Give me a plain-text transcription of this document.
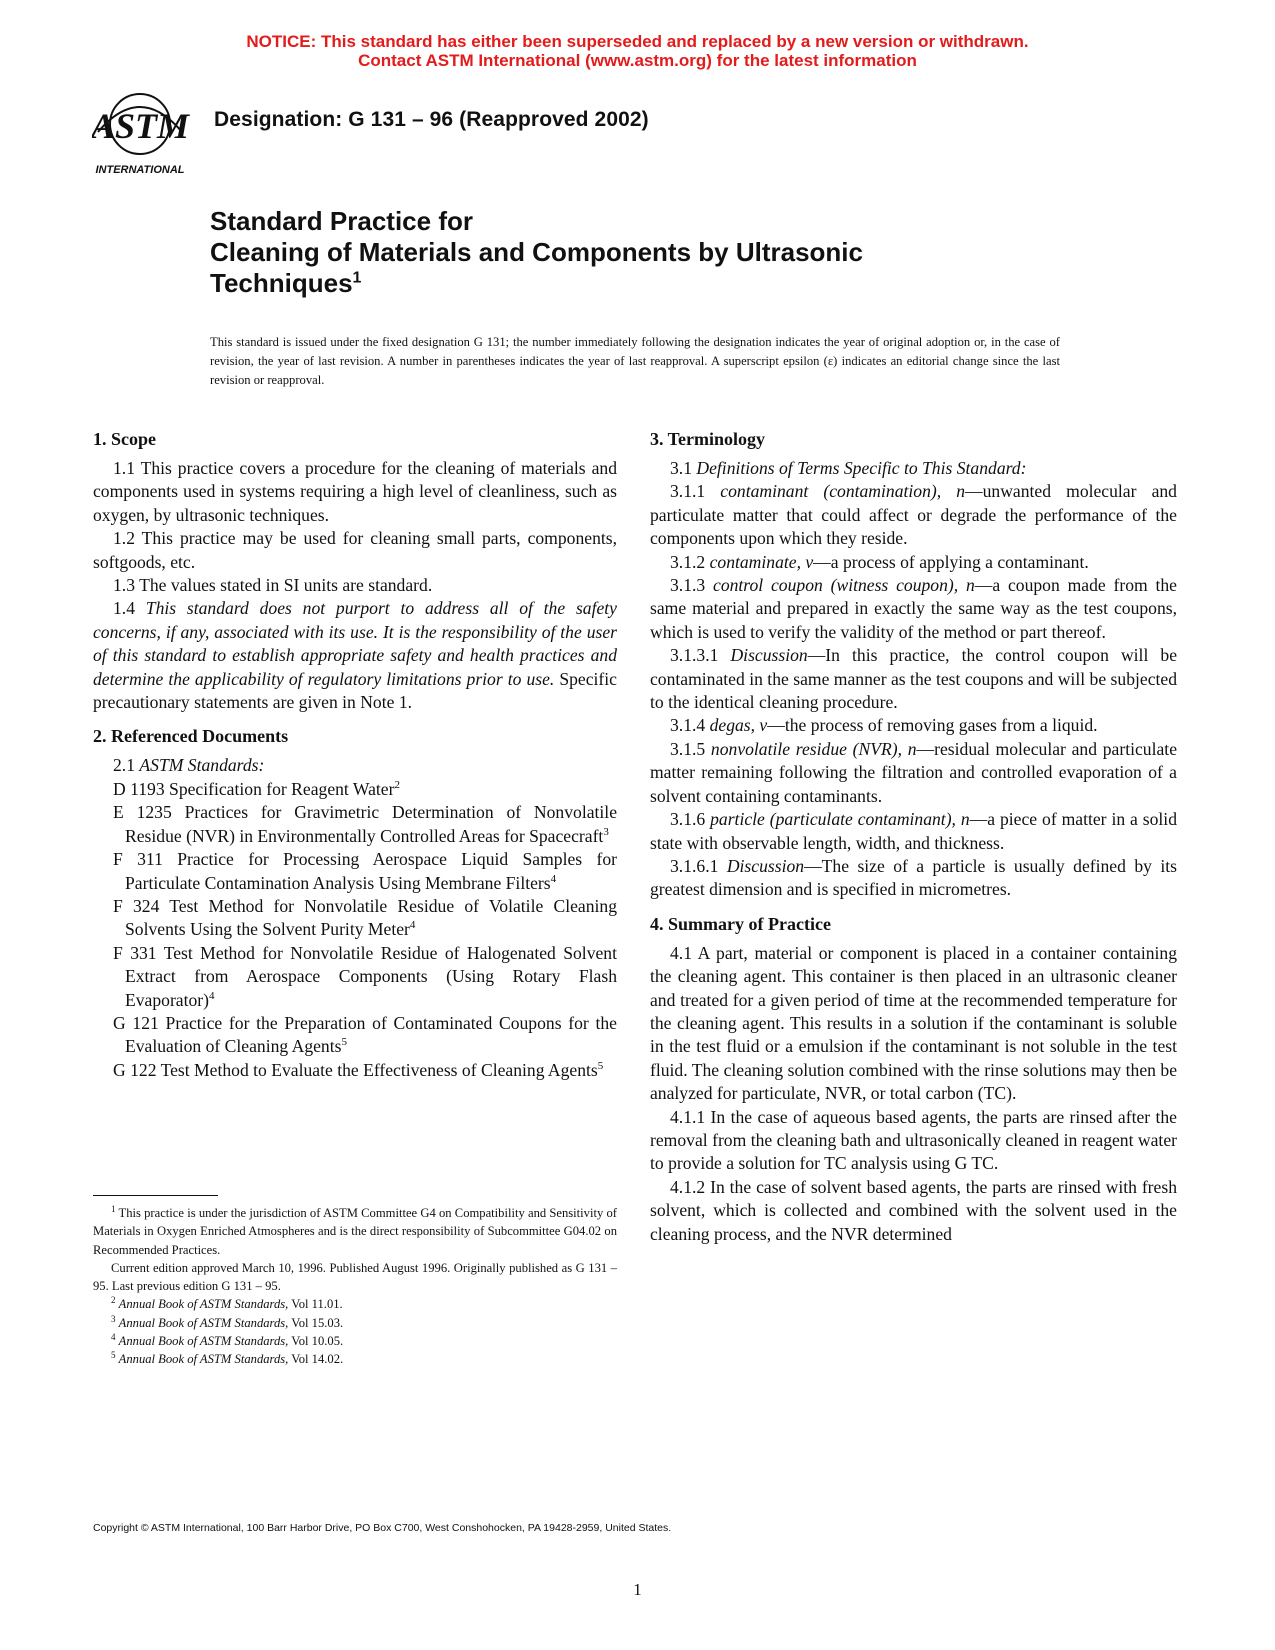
NOTICE: This standard has either been superseded and replaced by a new version or withdrawn.
Contact ASTM International (www.astm.org) for the latest information
ASTM
INTERNATIONAL
Designation: G 131 – 96 (Reapproved 2002)
Standard Practice for
Cleaning of Materials and Components by Ultrasonic
Techniques$^1$
This standard is issued under the fixed designation G 131; the number immediately following the designation indicates the year of original adoption or, in the case of revision, the year of last revision. A number in parentheses indicates the year of last reapproval. A superscript epsilon (ε) indicates an editorial change since the last revision or reapproval.
1. Scope

1.1 This practice covers a procedure for the cleaning of materials and components used in systems requiring a high level of cleanliness, such as oxygen, by ultrasonic techniques.

1.2 This practice may be used for cleaning small parts, components, softgoods, etc.

1.3 The values stated in SI units are standard.

1.4 This standard does not purport to address all of the safety concerns, if any, associated with its use. It is the responsibility of the user of this standard to establish appropriate safety and health practices and determine the applicability of regulatory limitations prior to use. Specific precautionary statements are given in Note 1.

2. Referenced Documents

2.1 ASTM Standards:

D 1193 Specification for Reagent Water$^2$

E 1235 Practices for Gravimetric Determination of Nonvolatile Residue (NVR) in Environmentally Controlled Areas for Spacecraft$^3$

F 311 Practice for Processing Aerospace Liquid Samples for Particulate Contamination Analysis Using Membrane Filters$^4$

F 324 Test Method for Nonvolatile Residue of Volatile Cleaning Solvents Using the Solvent Purity Meter$^4$

F 331 Test Method for Nonvolatile Residue of Halogenated Solvent Extract from Aerospace Components (Using Rotary Flash Evaporator)$^4$

G 121 Practice for the Preparation of Contaminated Coupons for the Evaluation of Cleaning Agents$^5$

G 122 Test Method to Evaluate the Effectiveness of Cleaning Agents$^5$

$^1$ This practice is under the jurisdiction of ASTM Committee G4 on Compatibility and Sensitivity of Materials in Oxygen Enriched Atmospheres and is the direct responsibility of Subcommittee G04.02 on Recommended Practices.

Current edition approved March 10, 1996. Published August 1996. Originally published as G 131 – 95. Last previous edition G 131 – 95.

$^2$ Annual Book of ASTM Standards, Vol 11.01.

$^3$ Annual Book of ASTM Standards, Vol 15.03.

$^4$ Annual Book of ASTM Standards, Vol 10.05.

$^5$ Annual Book of ASTM Standards, Vol 14.02.

3. Terminology

3.1 Definitions of Terms Specific to This Standard:

3.1.1 contaminant (contamination), n—unwanted molecular and particulate matter that could affect or degrade the performance of the components upon which they reside.

3.1.2 contaminate, v—a process of applying a contaminant.

3.1.3 control coupon (witness coupon), n—a coupon made from the same material and prepared in exactly the same way as the test coupons, which is used to verify the validity of the method or part thereof.

3.1.3.1 Discussion—In this practice, the control coupon will be contaminated in the same manner as the test coupons and will be subjected to the identical cleaning procedure.

3.1.4 degas, v—the process of removing gases from a liquid.

3.1.5 nonvolatile residue (NVR), n—residual molecular and particulate matter remaining following the filtration and controlled evaporation of a solvent containing contaminants.

3.1.6 particle (particulate contaminant), n—a piece of matter in a solid state with observable length, width, and thickness.

3.1.6.1 Discussion—The size of a particle is usually defined by its greatest dimension and is specified in micrometres.

4. Summary of Practice

4.1 A part, material or component is placed in a container containing the cleaning agent. This container is then placed in an ultrasonic cleaner and treated for a given period of time at the recommended temperature for the cleaning agent. This results in a solution if the contaminant is soluble in the test fluid or a emulsion if the contaminant is not soluble in the test fluid. The cleaning solution combined with the rinse solutions may then be analyzed for particulate, NVR, or total carbon (TC).

4.1.1 In the case of aqueous based agents, the parts are rinsed after the removal from the cleaning bath and ultrasonically cleaned in reagent water to provide a solution for TC analysis using G TC.

4.1.2 In the case of solvent based agents, the parts are rinsed with fresh solvent, which is collected and combined with the solvent used in the cleaning process, and the NVR determined

Copyright © ASTM International, 100 Barr Harbor Drive, PO Box C700, West Conshohocken, PA 19428-2959, United States.
1
